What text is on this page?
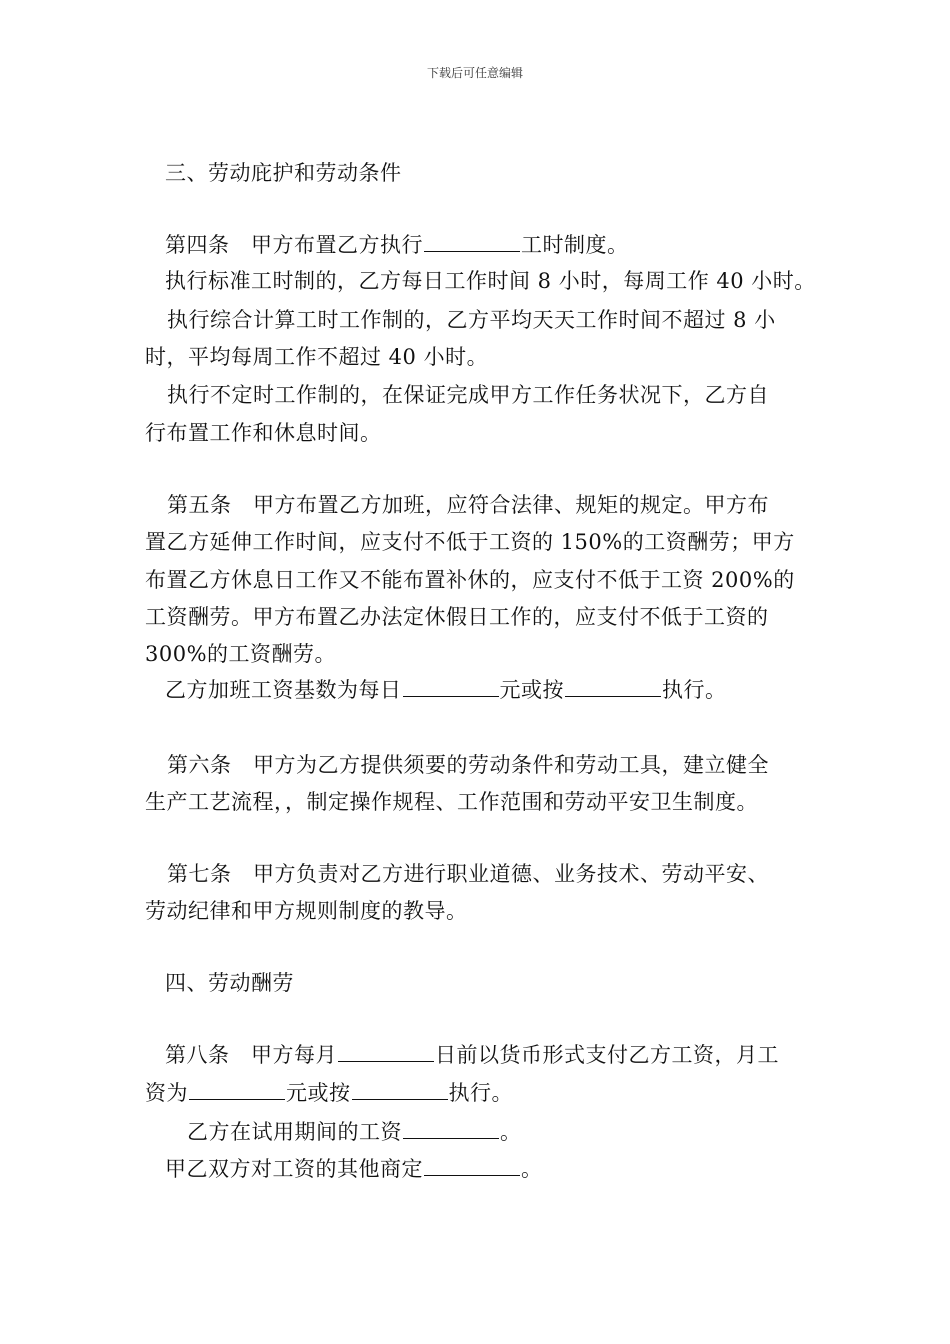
下载后可任意编辑
三、劳动庇护和劳动条件
第四条　甲方布置乙方执行	工时制度。
执行标准工时制的，乙方每日工作时间 8 小时，每周工作 40 小时。
执行综合计算工时工作制的，乙方平均天天工作时间不超过 8 小
时，平均每周工作不超过 40 小时。
执行不定时工作制的，在保证完成甲方工作任务状况下，乙方自
行布置工作和休息时间。
第五条　甲方布置乙方加班，应符合法律、规矩的规定。甲方布
置乙方延伸工作时间，应支付不低于工资的 150%的工资酬劳；甲方
布置乙方休息日工作又不能布置补休的，应支付不低于工资 200%的
工资酬劳。甲方布置乙办法定休假日工作的，应支付不低于工资的
300%的工资酬劳。
乙方加班工资基数为每日	元或按	执行。
第六条　甲方为乙方提供须要的劳动条件和劳动工具，建立健全
生产工艺流程，，制定操作规程、工作范围和劳动平安卫生制度。
第七条　甲方负责对乙方进行职业道德、业务技术、劳动平安、
劳动纪律和甲方规则制度的教导。
四、劳动酬劳
第八条　甲方每月	日前以货币形式支付乙方工资，月工
资为	元或按	执行。
乙方在试用期间的工资	。
甲乙双方对工资的其他商定	。
